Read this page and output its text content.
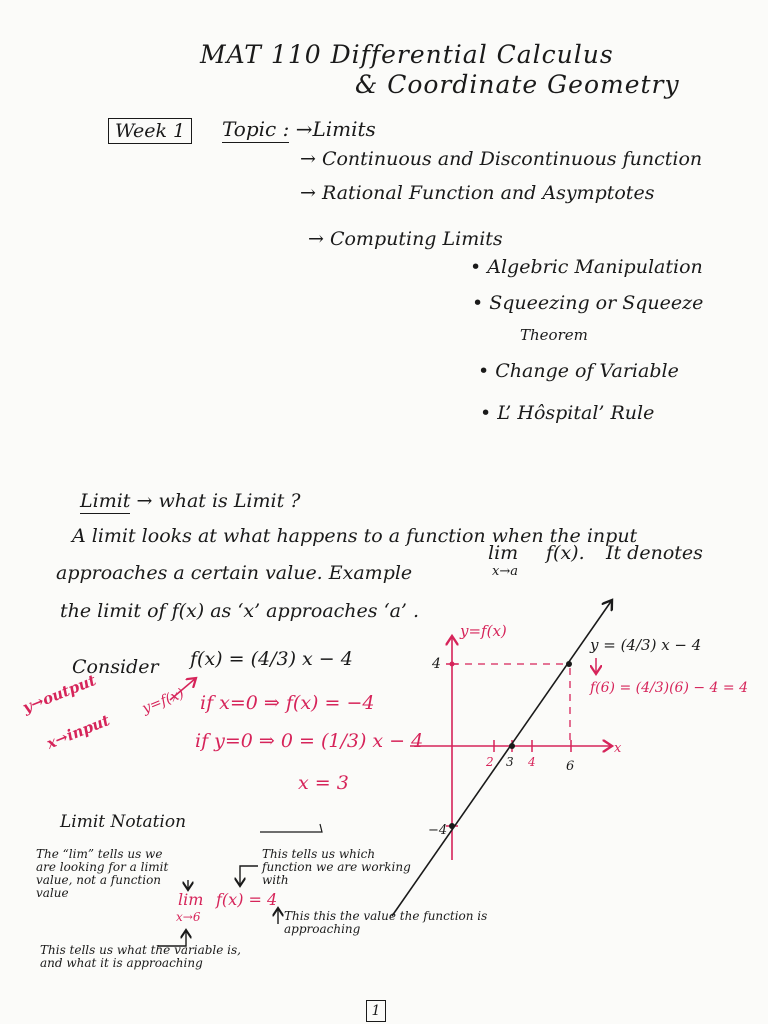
MAT 110 Differential Calculus
& Coordinate Geometry
Week 1	Topic : →Limits
→ Continuous and Discontinuous function
→ Rational Function and Asymptotes
→ Computing Limits
• Algebric Manipulation
• Squeezing or Squeeze
Theorem
• Change of Variable
• L’ Hôspital’ Rule
Limit → what is Limit ?
A limit looks at what happens to a function when the input
approaches a certain value. Example
lim f(x).
x→a
It denotes
the limit of f(x) as ‘x’ approaches ‘a’ .
Consider f(x) = (4/3) x − 4
y→output
x→input
y=f(x) if x=0 ⇒ f(x) = −4
if y=0 ⇒ 0 = (1/3) x − 4
x = 3
y=f(x)
x
4
−4
2 3 4 6
y = (4/3) x − 4
f(6) = (4/3)(6) − 4 = 4
Limit Notation
The “lim” tells us we are looking for a limit value, not a function value
This tells us which function we are working with
lim f(x) = 4
x→6
This tells us what the variable is, and what it is approaching
This this the value the function is approaching
1
